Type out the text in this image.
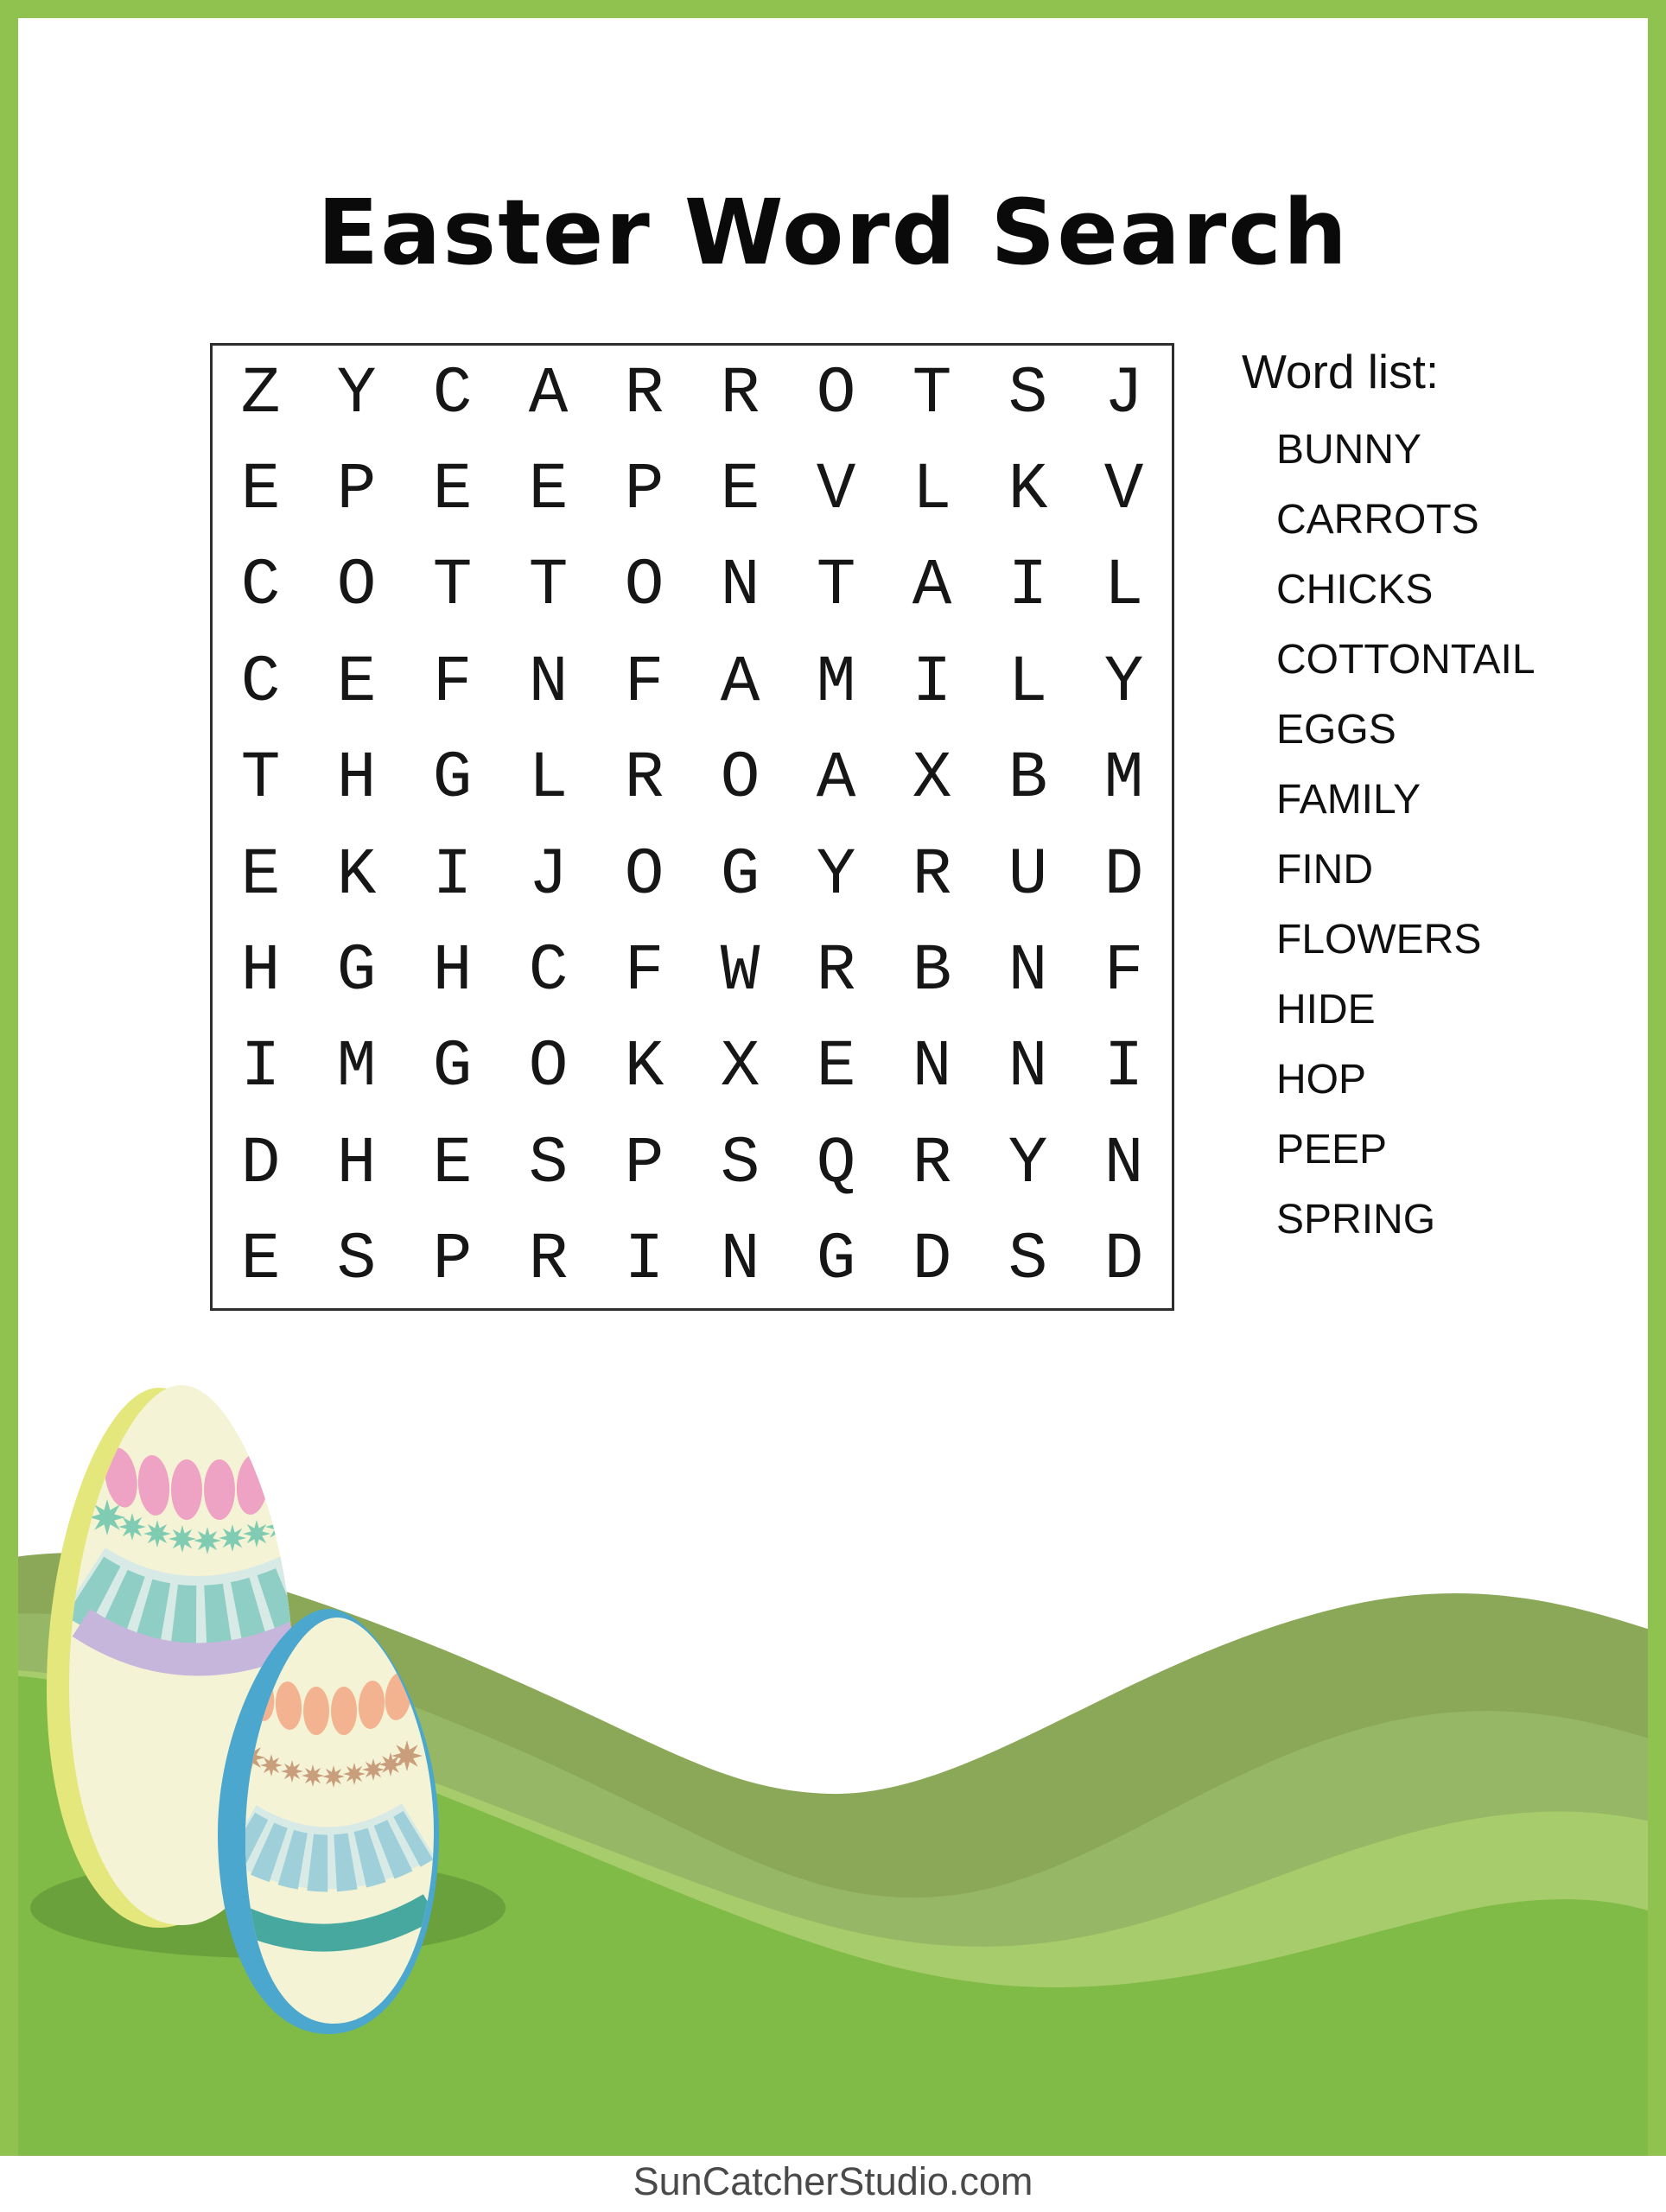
Easter Word Search
Z Y C A R R O T S J
E P E E P E V L K V
C O T T O N T A I L
C E F N F A M I L Y
T H G L R O A X B M
E K I J O G Y R U D
H G H C F W R B N F
I M G O K X E N N I
D H E S P S Q R Y N
E S P R I N G D S D
Word list:
BUNNY
CARROTS
CHICKS
COTTONTAIL
EGGS
FAMILY
FIND
FLOWERS
HIDE
HOP
PEEP
SPRING
SunCatcherStudio.com
